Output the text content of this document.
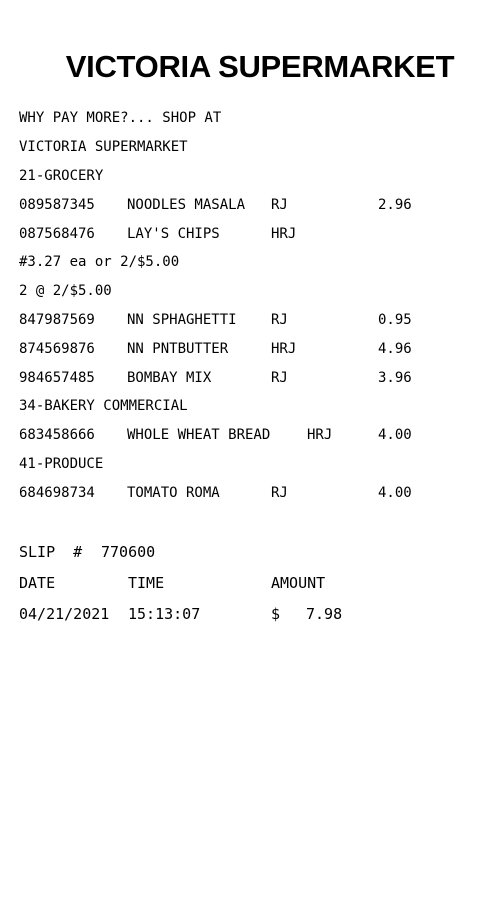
VICTORIA SUPERMARKET
WHY PAY MORE?... SHOP AT
VICTORIA SUPERMARKET
21-GROCERY
089587345 NOODLES MASALA RJ	2.96
087568476 LAY'S CHIPS	HRJ
#3.27 ea or 2/$5.00
2 @ 2/$5.00
847987569 NN SPHAGHETTI RJ	0.95
874569876 NN PNTBUTTER	HRJ	4.96
984657485 BOMBAY MIX	RJ	3.96
34-BAKERY COMMERCIAL
683458666 WHOLE WHEAT BREAD	HRJ	4.00
41-PRODUCE
684698734 TOMATO ROMA	RJ	4.00
SLIP  # 770600
DATE	TIME	AMOUNT
04/21/2021 15:13:07	$ 7.98
